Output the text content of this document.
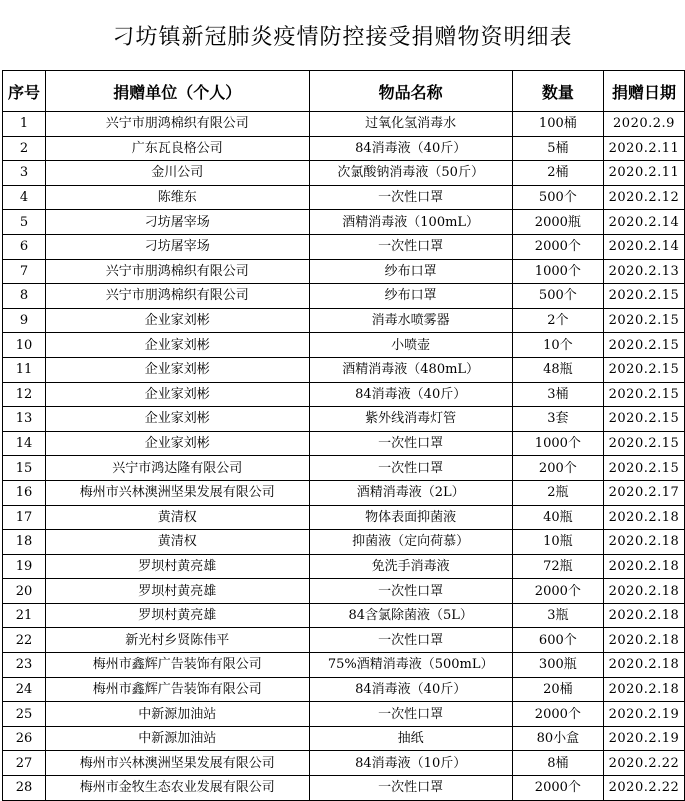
刁坊镇新冠肺炎疫情防控接受捐赠物资明细表
序号	捐赠单位（个人）	物品名称	数量	捐赠日期
1	兴宁市朋鸿棉织有限公司	过氧化氢消毒水	100桶	2020.2.9
2	广东瓦良格公司	84消毒液（40斤）	5桶	2020.2.11
3	金川公司	次氯酸钠消毒液（50斤）	2桶	2020.2.11
4	陈维东	一次性口罩	500个	2020.2.12
5	刁坊屠宰场	酒精消毒液（100mL）	2000瓶	2020.2.14
6	刁坊屠宰场	一次性口罩	2000个	2020.2.14
7	兴宁市朋鸿棉织有限公司	纱布口罩	1000个	2020.2.13
8	兴宁市朋鸿棉织有限公司	纱布口罩	500个	2020.2.15
9	企业家刘彬	消毒水喷雾器	2个	2020.2.15
10	企业家刘彬	小喷壶	10个	2020.2.15
11	企业家刘彬	酒精消毒液（480mL）	48瓶	2020.2.15
12	企业家刘彬	84消毒液（40斤）	3桶	2020.2.15
13	企业家刘彬	紫外线消毒灯管	3套	2020.2.15
14	企业家刘彬	一次性口罩	1000个	2020.2.15
15	兴宁市鸿达隆有限公司	一次性口罩	200个	2020.2.15
16	梅州市兴林澳洲坚果发展有限公司	酒精消毒液（2L）	2瓶	2020.2.17
17	黄清权	物体表面抑菌液	40瓶	2020.2.18
18	黄清权	抑菌液（定向荷慕）	10瓶	2020.2.18
19	罗坝村黄亮雄	免洗手消毒液	72瓶	2020.2.18
20	罗坝村黄亮雄	一次性口罩	2000个	2020.2.18
21	罗坝村黄亮雄	84含氯除菌液（5L）	3瓶	2020.2.18
22	新光村乡贤陈伟平	一次性口罩	600个	2020.2.18
23	梅州市鑫辉广告装饰有限公司	75%酒精消毒液（500mL）	300瓶	2020.2.18
24	梅州市鑫辉广告装饰有限公司	84消毒液（40斤）	20桶	2020.2.18
25	中新源加油站	一次性口罩	2000个	2020.2.19
26	中新源加油站	抽纸	80小盒	2020.2.19
27	梅州市兴林澳洲坚果发展有限公司	84消毒液（10斤）	8桶	2020.2.22
28	梅州市金牧生态农业发展有限公司	一次性口罩	2000个	2020.2.22
